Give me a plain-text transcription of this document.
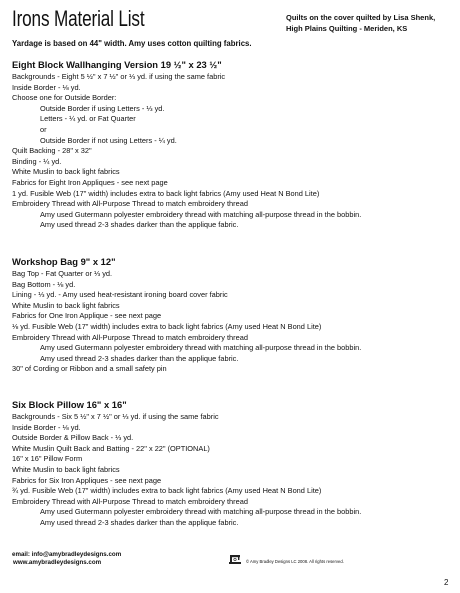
Irons Material List	Quilts on the cover quilted by Lisa Shenk,
High Plains Quilting - Meriden, KS
Yardage is based on 44" width. Amy uses cotton quilting fabrics.
Eight Block Wallhanging Version 19 ½" x 23 ½"
Backgrounds - Eight 5 ½" x 7 ½" or ⅓ yd. if using the same fabric
Inside Border - ⅛ yd.
Choose one for Outside Border:
Outside Border if using Letters - ⅓ yd.
Letters - ¼ yd. or Fat Quarter
or
Outside Border if not using Letters - ¼ yd.
Quilt Backing - 28" x 32"
Binding - ¼ yd.
White Muslin to back light fabrics
Fabrics for Eight Iron Appliques - see next page
1 yd. Fusible Web (17" width) includes extra to back light fabrics (Amy used Heat N Bond Lite)
Embroidery Thread with All-Purpose Thread to match embroidery thread
Amy used Gutermann polyester embroidery thread with matching all-purpose thread in the bobbin.
Amy used thread 2-3 shades darker than the applique fabric.
Workshop Bag 9" x 12"
Bag Top - Fat Quarter or ⅓ yd.
Bag Bottom - ⅛ yd.
Lining - ⅓ yd. - Amy used heat-resistant ironing board cover fabric
White Muslin to back light fabrics
Fabrics for One Iron Applique - see next page
⅛ yd. Fusible Web (17" width) includes extra to back light fabrics (Amy used Heat N Bond Lite)
Embroidery Thread with All-Purpose Thread to match embroidery thread
Amy used Gutermann polyester embroidery thread with matching all-purpose thread in the bobbin.
Amy used thread 2-3 shades darker than the applique fabric.
30" of Cording or Ribbon and a small safety pin
Six Block Pillow 16" x 16"
Backgrounds - Six 5 ½" x 7 ½" or ⅓ yd. if using the same fabric
Inside Border - ⅛ yd.
Outside Border & Pillow Back - ⅓ yd.
White Muslin Quilt Back and Batting - 22" x 22" (OPTIONAL)
16" x 16" Pillow Form
White Muslin to back light fabrics
Fabrics for Six Iron Appliques - see next page
¾ yd. Fusible Web (17" width) includes extra to back light fabrics (Amy used Heat N Bond Lite)
Embroidery Thread with All-Purpose Thread to match embroidery thread
Amy used Gutermann polyester embroidery thread with matching all-purpose thread in the bobbin.
Amy used thread 2-3 shades darker than the applique fabric.
email: info@amybradleydesigns.com
www.amybradleydesigns.com	© Amy Bradley Designs LC 2008. All rights reserved.
2
